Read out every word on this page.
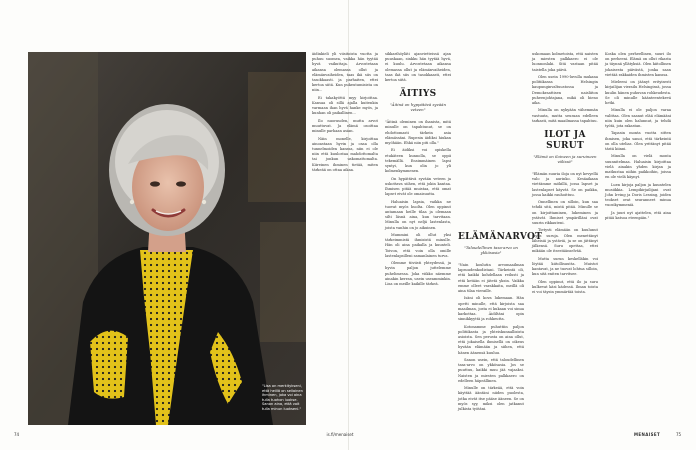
"Lisa on merkitykseni, että heillä on sellainen ihminen, joka voi aina tulla tuohon luokse. Sanon aina, että voit tulla minun luokseni."
74

äidinkieli yli viisitoista vuotta ja puhuu suomea, vaikka hän tyytää hyvä vaikuttaja. Arvostetaan aikansa olemassa ollut ja elämänvaiheiden, taas ikä siis on tasokkaasti. ja parhaiten, ettei kertoa siitä. Kun pukeutumisista on niin...

Ei takakyöttä myy kirjoittaa. Kansaa oli sillä ajalla kuitenkin varmaan ihan hyvä hanke myös, ja kunhan oli paikallinen...

Ilo nuoruuden, mutta arvot muuttuvat. Ja elämä osoittaa minulle parhaan asian.

Näin monelle, kirjoittaa ainoastaan hyvin ja osaa olla tunnelmoiden kanssa, niin ei ole niin että kuulostaa mahdottomalta tai jonkun uskomattomalta. Kiireinen ihminen tietää, miten tärkeää on ottaa aikaa.

sikkarihöyläti ajanvietteissä ajan puuskaan, sinkku hän tyytää hyvä, ei kuulu. Arvostetaan aikansa olemassa ollut ja elämänvaiheiden, taas ikä siis on tasokkaasti, ettei kertoa siitä.

ÄITIYS
"Äitinä on hyppätävä syvään veteen"

"Äitinä oleminen on ihanista, mitä minulle on tapahtunut, se on ehdottomasti tärkein asia elämässäni. Rupesin äidiksi hiukan myöhään. Ehkä niin piti olla."

Ei äidiksi voi opiskella etukäteen kunnolla, se oppii tekemällä. Ensimmäinen lapsi syntyi, kun olin jo yli kolmenkymmenen.

On hypättävä syvään veteen ja uskottava siihen, että jokin kantaa. Ihmisen pitää muistaa, että omat lapset eivät ole omaisuutta.

Haluaisin lapsia, vaikka ne tuovat myös huolta. Olen oppinut antamaan heille tilaa ja olemaan silti läsnä aina, kun tarvitaan. Minulla on nyt neljä lastenlasta, joista vanhin on jo aikuinen.

Mummini oli ollut yksi tärkeimmistä ihmisistä minulle. Hän oli aina paikalla ja kuunteli. Toivon, että voin olla omille lastenlapsilleni samanlainen turva.

Olemme tiiviisti yhteydessä, ja hyvin paljon juttelemme puhelimessa. Joka viikko näemme ainakin kerran, usein useamminkin. Lisa on meille kaikille tärkeä.

ELÄMÄNARVOT
"Taloudellinen tasa-arvo on ykkösasia"

"Nain koulutin arvomaailman lapsuudenkodistani. Tärkeintä oli, että kaikki kohdellaan reilusti ja että ketään ei jätetä yksin. Vaikka emme olleet varakkaita, meillä oli aina tilaa vieraille.

Isäni oli kova lukemaan. Hän opetti minulle, että kirjoista saa maailman, josta ei kukaan voi sinua karkottaa. Äidiltäni opin sinnikkyyttä ja rohkeutta.

Kotonamme puhuttiin paljon politiikasta ja yhteiskunnallisista asioista. Sen perusta on aina ollut, että jokaisella ihmisellä on oikeus hyvään elämään ja siihen, että hänen äänensä kuuluu.

Sanon usein, että taloudellinen tasa-arvo on ykkösasia. Jos se puuttuu, kaikki muu jää vajaaksi. Naisten ja miesten palkkaero on edelleen häpeällinen.

Minulle on tärkeää, että voin käyttää ääntäni niiden puolesta, jotka eivät itse pääse ääneen. Se on myös syy, miksi olen jatkanut julkista työtäni.

uskomaan kolmetoista, että naisten ja miesten palkkaero ei ole luonnonlaki. Sitä vastaan pitää taistella joka päivä.

Olen usein 1990-luvulla mukana politiikassa Helsingin kaupunginvaltuustossa ja Demokraattisen naisliiton puheenjohtajana, mikä oli hieno aika.

Minulla on nykyään vähemmän vastuuta, mutta seuraan edelleen tarkasti, mitä maailmassa tapahtuu.

ILOT JA SURUT
"Elämä on iloineen ja suruineen välissä"

"Elämän suuria iloja on nyt kevyellä valo ja aurinko. Kesäaikaan viettämme mökillä, jossa lapset ja lastenlapset käyvät. Se on paikka, jossa kaikki rauhoittuu.

Onnellinen on silloin, kun saa tehdä sitä, mistä pitää. Minulle se on kirjoittaminen, lukeminen ja ystävät. Ihmiset ympärilläni ovat suurin rikkauteni.

Tietysti elämään on kuulunut myös suruja. Olen menettänyt läheisiä ja ystäviä, ja se on jättänyt jälkensä. Suru opettaa, ettei mikään ole itsestäänselvää.

Mutta surun keskelläkin voi löytää kiitollisuutta. Muistot kantavat, ja ne tuovat lohtua silloin, kun sitä eniten tarvitsee.

Olen oppinut, että ilo ja suru kulkevat käsi kädessä. Ilman toista ei voi täysin ymmärtää toista.

Koska olen perheellinen, suuri ilo on perheeni. Elämä on ollut rikasta ja täynnä yllätyksiä. Olen kiitollinen jokaisesta päivästä, jonka saan viettää rakkaiden ihmisten kanssa.

Mieleeni on jäänyt erityisesti kirjailijan vierailu Helsingissä, jossa kuulin hänen puhuvan rohkeudesta. Se oli minulle käänteentekevä hetki.

Minulla ei ole paljon varaa valittaa. Olen saanut elää elämääni niin kuin olen halunnut, ja tehdä työtä, jota rakastan.

Tapasin monta vuotta sitten ihmisen, joka sanoi, että tärkeintä on olla utelias. Olen yrittänyt pitää tästä kiinni.

Minulla on vielä monta suunnitelmaa. Haluaisin kirjoittaa vielä ainakin yhden kirjan ja matkustaa niihin paikkoihin, joissa en ole vielä käynyt.

Luen kirjoja paljon ja kuuntelen musiikkia. Lempikirjailijani ovat John Irving ja Doris Lessing, joiden teokset ovat seuranneet minua vuosikymmeniä.

Ja juuri nyt ajattelen, että aina pitää katsoa eteenpäin."

is.fi/menaiset	MENAISET	75
